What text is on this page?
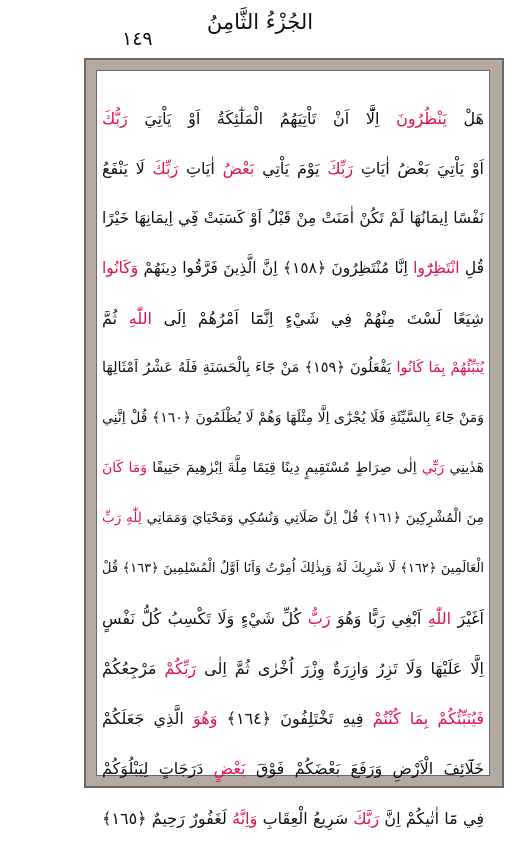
١٤٩
الجُزْءُ الثَّامِنُ
هَلْ يَنْظُرُونَ اِلَّٓا اَنْ تَاْتِيَهُمُ الْمَلٰٓئِكَةُ اَوْ يَاْتِيَ رَبُّكَ
اَوْ يَاْتِيَ بَعْضُ اٰيَاتِ رَبِّكَ يَوْمَ يَاْتِي بَعْضُ اٰيَاتِ رَبِّكَ لَا يَنْفَعُ
نَفْسًا اِيمَانُهَا لَمْ تَكُنْ اٰمَنَتْ مِنْ قَبْلُ اَوْ كَسَبَتْ فِٓي اِيمَانِهَا خَيْرًا
قُلِ انْتَظِرُٓوا اِنَّا مُنْتَظِرُونَ ﴿١٥٨﴾ اِنَّ الَّذِينَ فَرَّقُوا دِينَهُمْ وَكَانُوا
شِيَعًا لَسْتَ مِنْهُمْ فِي شَيْءٍ اِنَّمَٓا اَمْرُهُمْ اِلَى اللّٰهِ ثُمَّ
يُنَبِّئُهُمْ بِمَا كَانُوا يَفْعَلُونَ ﴿١٥٩﴾ مَنْ جَٓاءَ بِالْحَسَنَةِ فَلَهُ عَشْرُ اَمْثَالِهَا
وَمَنْ جَٓاءَ بِالسَّيِّئَةِ فَلَا يُجْزٰٓى اِلَّا مِثْلَهَا وَهُمْ لَا يُظْلَمُونَ ﴿١٦٠﴾ قُلْ اِنَّنِي
هَدٰينِي رَبِّٓي اِلٰى صِرَاطٍ مُسْتَقِيمٍ دِينًا قِيَمًا مِلَّةَ اِبْرٰهِيمَ حَنِيفًا وَمَا كَانَ
مِنَ الْمُشْرِكِينَ ﴿١٦١﴾ قُلْ اِنَّ صَلَاتِي وَنُسُكِي وَمَحْيَايَ وَمَمَاتِي لِلّٰهِ رَبِّ
الْعَالَمِينَ ﴿١٦٢﴾ لَا شَرِيكَ لَهُ وَبِذٰلِكَ اُمِرْتُ وَاَنَا اَوَّلُ الْمُسْلِمِينَ ﴿١٦٣﴾ قُلْ
اَغَيْرَ اللّٰهِ اَبْغِي رَبًّا وَهُوَ رَبُّ كُلِّ شَيْءٍ وَلَا تَكْسِبُ كُلُّ نَفْسٍ
اِلَّا عَلَيْهَا وَلَا تَزِرُ وَازِرَةٌ وِزْرَ اُخْرٰى ثُمَّ اِلٰى رَبِّكُمْ مَرْجِعُكُمْ
فَيُنَبِّئُكُمْ بِمَا كُنْتُمْ فِيهِ تَخْتَلِفُونَ ﴿١٦٤﴾ وَهُوَ الَّذِي جَعَلَكُمْ
خَلَٓائِفَ الْاَرْضِ وَرَفَعَ بَعْضَكُمْ فَوْقَ بَعْضٍ دَرَجَاتٍ لِيَبْلُوَكُمْ
فِي مَٓا اٰتٰيكُمْ اِنَّ رَبَّكَ سَرِيعُ الْعِقَابِ وَاِنَّهُ لَغَفُورٌ رَحِيمٌ ﴿١٦٥﴾
